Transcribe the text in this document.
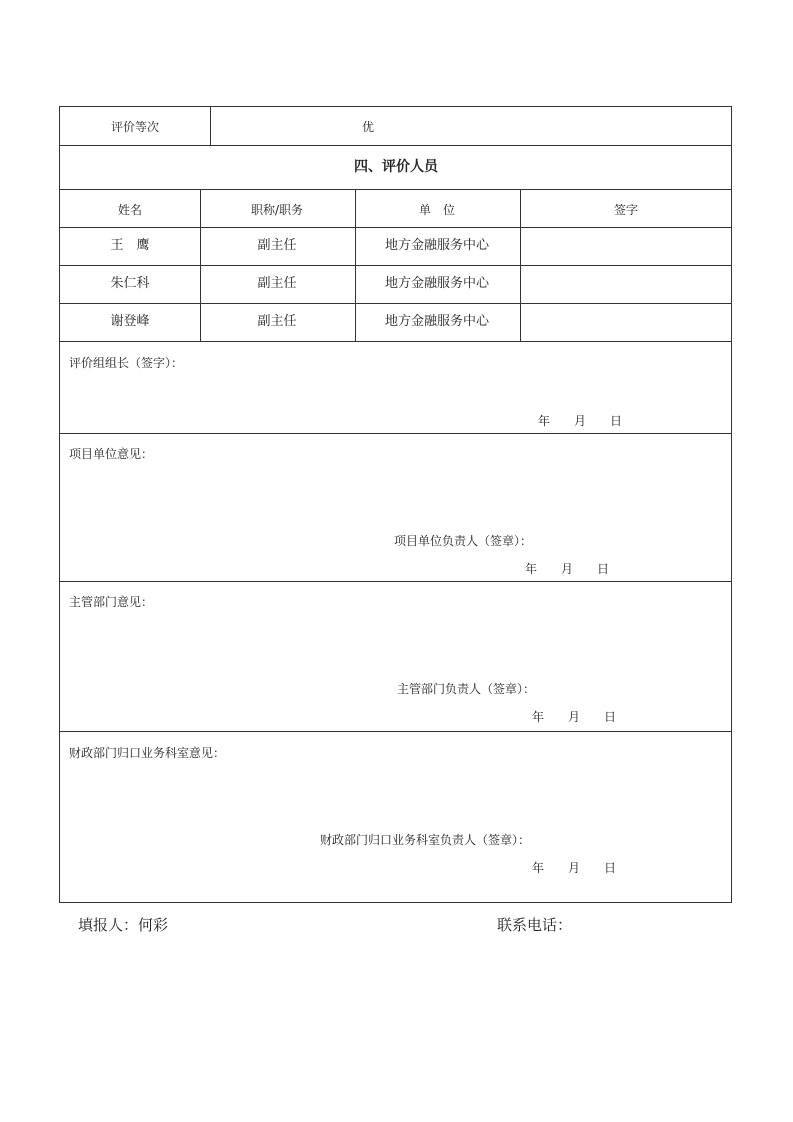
评价等次	优
四、评价人员
姓名	职称/职务	单　位	签字
王　鹰	副主任	地方金融服务中心
朱仁科	副主任	地方金融服务中心
谢登峰	副主任	地方金融服务中心
评价组组长（签字）：
年　　月　　日
项目单位意见：
项目单位负责人（签章）：
年　　月　　日
主管部门意见：
主管部门负责人（签章）：
年　　月　　日
财政部门归口业务科室意见：
财政部门归口业务科室负责人（签章）：
年　　月　　日
填报人：何彩	联系电话：
